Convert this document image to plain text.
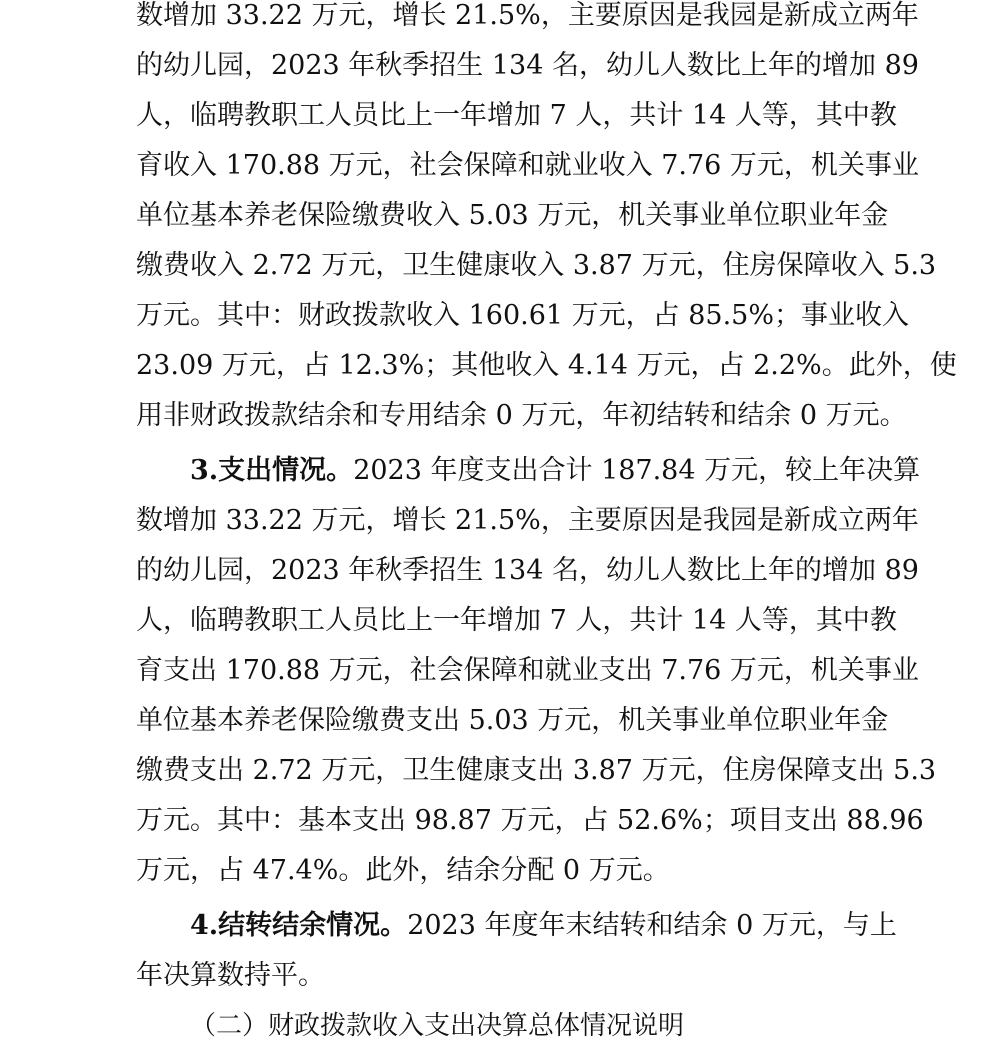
数增加 33.22 万元，增长 21.5%，主要原因是我园是新成立两年
的幼儿园，2023 年秋季招生 134 名，幼儿人数比上年的增加 89
人，临聘教职工人员比上一年增加 7 人，共计 14 人等，其中教
育收入 170.88 万元，社会保障和就业收入 7.76 万元，机关事业
单位基本养老保险缴费收入 5.03 万元，机关事业单位职业年金
缴费收入 2.72 万元，卫生健康收入 3.87 万元，住房保障收入 5.3
万元。其中：财政拨款收入 160.61 万元，占 85.5%；事业收入
23.09 万元，占 12.3%；其他收入 4.14 万元，占 2.2%。此外，使
用非财政拨款结余和专用结余 0 万元，年初结转和结余 0 万元。
3.支出情况。2023 年度支出合计 187.84 万元，较上年决算
数增加 33.22 万元，增长 21.5%，主要原因是我园是新成立两年
的幼儿园，2023 年秋季招生 134 名，幼儿人数比上年的增加 89
人，临聘教职工人员比上一年增加 7 人，共计 14 人等，其中教
育支出 170.88 万元，社会保障和就业支出 7.76 万元，机关事业
单位基本养老保险缴费支出 5.03 万元，机关事业单位职业年金
缴费支出 2.72 万元，卫生健康支出 3.87 万元，住房保障支出 5.3
万元。其中：基本支出 98.87 万元，占 52.6%；项目支出 88.96
万元，占 47.4%。此外，结余分配 0 万元。
4.结转结余情况。2023 年度年末结转和结余 0 万元，与上
年决算数持平。
（二）财政拨款收入支出决算总体情况说明
